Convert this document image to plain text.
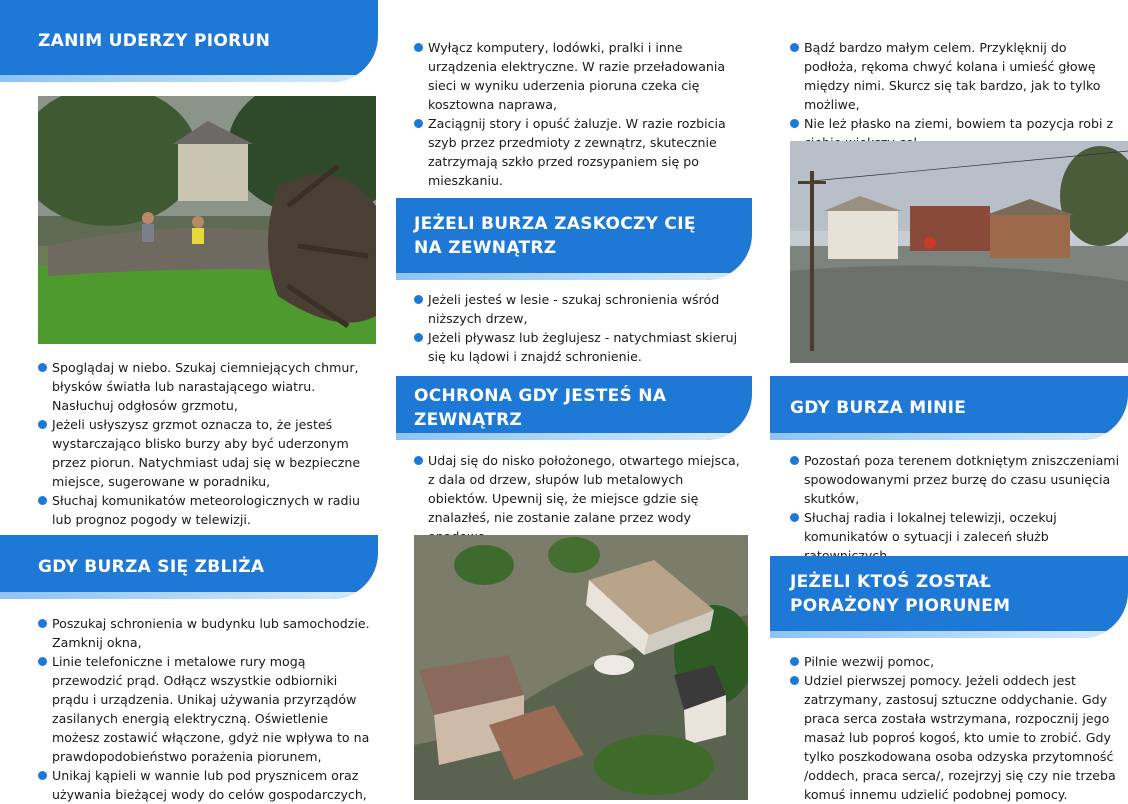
ZANIM UDERZY PIORUN
Spoglądaj w niebo. Szukaj ciemniejących chmur, błysków światła lub narastającego wiatru. Nasłuchuj odgłosów grzmotu,
Jeżeli usłyszysz grzmot oznacza to, że jesteś wystarczająco blisko burzy aby być uderzonym przez piorun. Natychmiast udaj się w bezpieczne miejsce, sugerowane w poradniku,
Słuchaj komunikatów meteorologicznych w radiu lub prognoz pogody w telewizji.
GDY BURZA SIĘ ZBLIŻA
Poszukaj schronienia w budynku lub samochodzie. Zamknij okna,
Linie telefoniczne i metalowe rury mogą przewodzić prąd. Odłącz wszystkie odbiorniki prądu i urządzenia. Unikaj używania przyrządów zasilanych energią elektryczną. Oświetlenie możesz zostawić włączone, gdyż nie wpływa to na prawdopodobieństwo porażenia piorunem,
Unikaj kąpieli w wannie lub pod prysznicem oraz używania bieżącej wody do celów gospodarczych,
Wyłącz komputery, lodówki, pralki i inne urządzenia elektryczne. W razie przeładowania sieci w wyniku uderzenia pioruna czeka cię kosztowna naprawa,
Zaciągnij story i opuść żaluzje. W razie rozbicia szyb przez przedmioty z zewnątrz, skutecznie zatrzymają szkło przed rozsypaniem się po mieszkaniu.
JEŻELI BURZA ZASKOCZY CIĘ
NA ZEWNĄTRZ
Jeżeli jesteś w lesie - szukaj schronienia wśród niższych drzew,
Jeżeli pływasz lub żeglujesz - natychmiast skieruj się ku lądowi i znajdź schronienie.
OCHRONA GDY JESTEŚ NA ZEWNĄTRZ
Udaj się do nisko położonego, otwartego miejsca, z dala od drzew, słupów lub metalowych obiektów. Upewnij się, że miejsce gdzie się znalazłeś, nie zostanie zalane przez wody
Bądź bardzo małym celem. Przyklęknij do podłoża, rękoma chwyć kolana i umieść głowę między nimi. Skurcz się tak bardzo, jak to tylko możliwe,
Nie leż płasko na ziemi, bowiem ta pozycja robi z
GDY BURZA MINIE
Pozostań poza terenem dotkniętym zniszczeniami spowodowanymi przez burzę do czasu usunięcia skutków,
Słuchaj radia i lokalnej telewizji, oczekuj komunikatów o sytuacji i zaleceń służb
JEŻELI KTOŚ ZOSTAŁ
PORAŻONY PIORUNEM
Pilnie wezwij pomoc,
Udziel pierwszej pomocy. Jeżeli oddech jest zatrzymany, zastosuj sztuczne oddychanie. Gdy praca serca została wstrzymana, rozpocznij jego masaż lub poproś kogoś, kto umie to zrobić. Gdy tylko poszkodowana osoba odzyska przytomność /oddech, praca serca/, rozejrzyj się czy nie trzeba komuś innemu udzielić podobnej pomocy.
